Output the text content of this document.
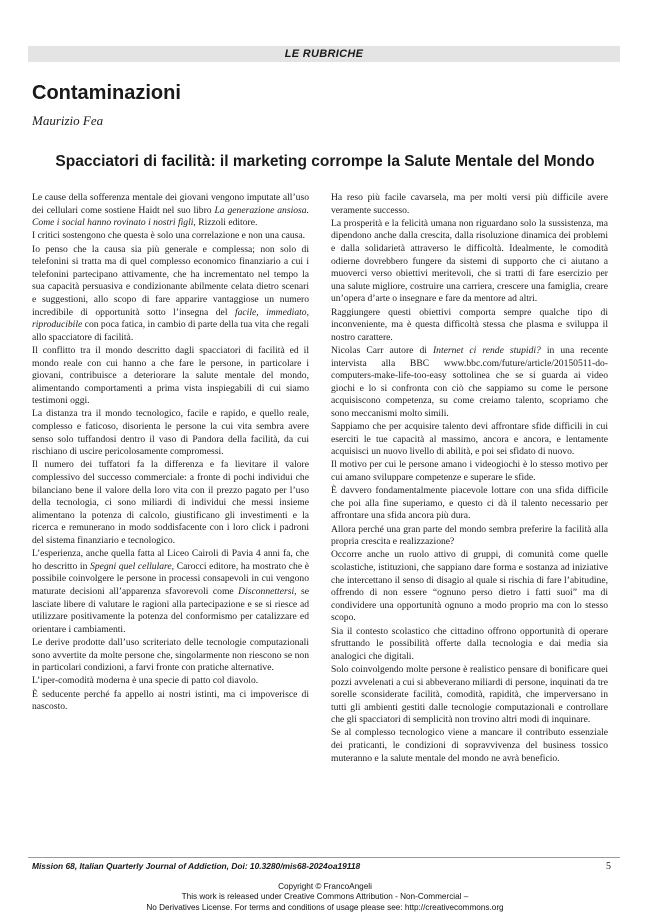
LE RUBRICHE
Contaminazioni
Maurizio Fea
Spacciatori di facilità: il marketing corrompe la Salute Mentale del Mondo

Le cause della sofferenza mentale dei giovani vengono imputate all’uso dei cellulari come sostiene Haidt nel suo libro La generazione ansiosa. Come i social hanno rovinato i nostri figli, Rizzoli editore.

I critici sostengono che questa è solo una correlazione e non una causa.

Io penso che la causa sia più generale e complessa; non solo di telefonini si tratta ma di quel complesso economico finanziario a cui i telefonini partecipano attivamente, che ha incrementato nel tempo la sua capacità persuasiva e condizionante abilmente celata dietro scenari e suggestioni, allo scopo di fare apparire vantaggiose un numero incredibile di opportunità sotto l’insegna del facile, immediato, riproducibile con poca fatica, in cambio di parte della tua vita che regali allo spacciatore di facilità.

Il conflitto tra il mondo descritto dagli spacciatori di facilità ed il mondo reale con cui hanno a che fare le persone, in particolare i giovani, contribuisce a deteriorare la salute mentale del mondo, alimentando comportamenti a prima vista inspiegabili di cui siamo testimoni oggi.

La distanza tra il mondo tecnologico, facile e rapido, e quello reale, complesso e faticoso, disorienta le persone la cui vita sembra avere senso solo tuffandosi dentro il vaso di Pandora della facilità, da cui rischiano di uscire pericolosamente compromessi.

Il numero dei tuffatori fa la differenza e fa lievitare il valore complessivo del successo commerciale: a fronte di pochi individui che bilanciano bene il valore della loro vita con il prezzo pagato per l’uso della tecnologia, ci sono miliardi di individui che messi insieme alimentano la potenza di calcolo, giustificano gli investimenti e la ricerca e remunerano in modo soddisfacente con i loro click i padroni del sistema finanziario e tecnologico.

L’esperienza, anche quella fatta al Liceo Cairoli di Pavia 4 anni fa, che ho descritto in Spegni quel cellulare, Carocci editore, ha mostrato che è possibile coinvolgere le persone in processi consapevoli in cui vengono maturate decisioni all’apparenza sfavorevoli come Disconnettersi, se lasciate libere di valutare le ragioni alla partecipazione e se si riesce ad utilizzare positivamente la potenza del conformismo per catalizzare ed orientare i cambiamenti.

Le derive prodotte dall’uso scriteriato delle tecnologie computazionali sono avvertite da molte persone che, singolarmente non riescono se non in particolari condizioni, a farvi fronte con pratiche alternative.

L’iper-comodità moderna è una specie di patto col diavolo.

È seducente perché fa appello ai nostri istinti, ma ci impoverisce di nascosto.

Ha reso più facile cavarsela, ma per molti versi più difficile avere veramente successo.

La prosperità e la felicità umana non riguardano solo la sussistenza, ma dipendono anche dalla crescita, dalla risoluzione dinamica dei problemi e dalla solidarietà attraverso le difficoltà. Idealmente, le comodità odierne dovrebbero fungere da sistemi di supporto che ci aiutano a muoverci verso obiettivi meritevoli, che si tratti di fare esercizio per una salute migliore, costruire una carriera, crescere una famiglia, creare un’opera d’arte o insegnare e fare da mentore ad altri.

Raggiungere questi obiettivi comporta sempre qualche tipo di inconveniente, ma è questa difficoltà stessa che plasma e sviluppa il nostro carattere.

Nicolas Carr autore di Internet ci rende stupidi? in una recente intervista alla BBC www.bbc.com/future/article/20150511-do-computers-make-life-too-easy sottolinea che se si guarda ai video giochi e lo si confronta con ciò che sappiamo su come le persone acquisiscono competenza, su come creiamo talento, scopriamo che sono meccanismi molto simili.

Sappiamo che per acquisire talento devi affrontare sfide difficili in cui eserciti le tue capacità al massimo, ancora e ancora, e lentamente acquisisci un nuovo livello di abilità, e poi sei sfidato di nuovo.

Il motivo per cui le persone amano i videogiochi è lo stesso motivo per cui amano sviluppare competenze e superare le sfide.

È davvero fondamentalmente piacevole lottare con una sfida difficile che poi alla fine superiamo, e questo ci dà il talento necessario per affrontare una sfida ancora più dura.

Allora perché una gran parte del mondo sembra preferire la facilità alla propria crescita e realizzazione?

Occorre anche un ruolo attivo di gruppi, di comunità come quelle scolastiche, istituzioni, che sappiano dare forma e sostanza ad iniziative che intercettano il senso di disagio al quale si rischia di fare l’abitudine, offrendo di non essere “ognuno perso dietro i fatti suoi” ma di condividere una opportunità ognuno a modo proprio ma con lo stesso scopo.

Sia il contesto scolastico che cittadino offrono opportunità di operare sfruttando le possibilità offerte dalla tecnologia e dai media sia analogici che digitali.

Solo coinvolgendo molte persone è realistico pensare di bonificare quei pozzi avvelenati a cui si abbeverano miliardi di persone, inquinati da tre sorelle sconsiderate facilità, comodità, rapidità, che imperversano in tutti gli ambienti gestiti dalle tecnologie computazionali e controllare che gli spacciatori di semplicità non trovino altri modi di inquinare.

Se al complesso tecnologico viene a mancare il contributo essenziale dei praticanti, le condizioni di sopravvivenza del business tossico muteranno e la salute mentale del mondo ne avrà beneficio.

Mission 68, Italian Quarterly Journal of Addiction, Doi: 10.3280/mis68-2024oa19118	5
Copyright © FrancoAngeli
This work is released under Creative Commons Attribution - Non-Commercial –
No Derivatives License. For terms and conditions of usage please see: http://creativecommons.org
